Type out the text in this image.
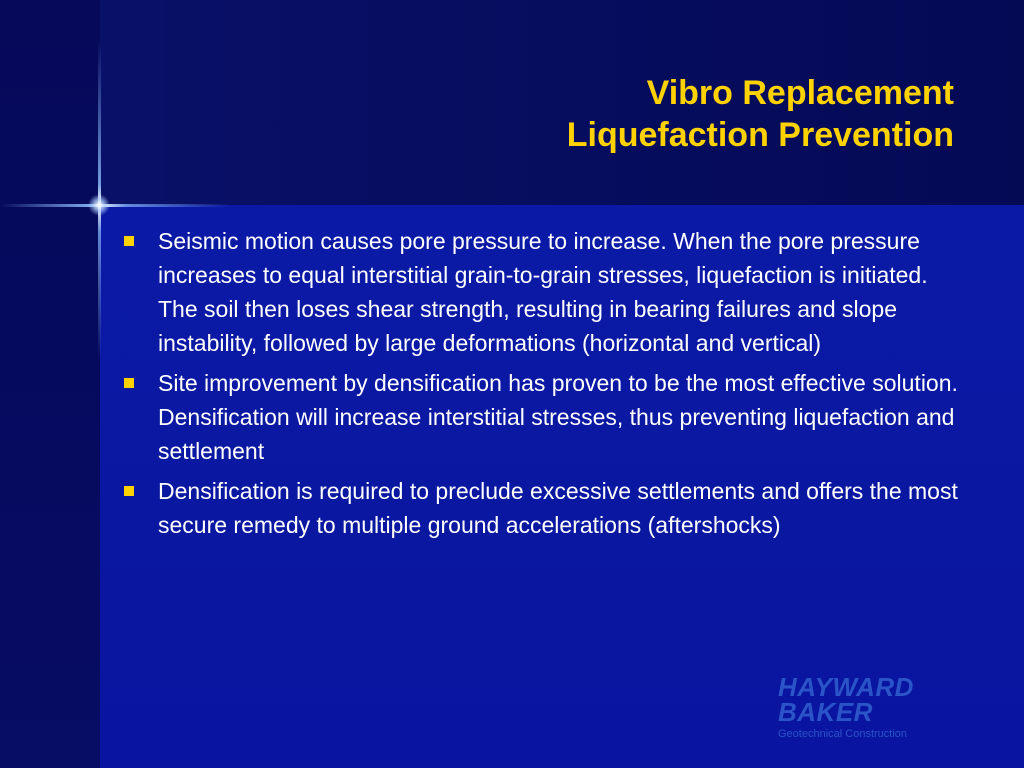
Vibro Replacement
Liquefaction Prevention
Seismic motion causes pore pressure to increase. When the pore pressure increases to equal interstitial grain-to-grain stresses, liquefaction is initiated. The soil then loses shear strength, resulting in bearing failures and slope instability, followed by large deformations (horizontal and vertical)
Site improvement by densification has proven to be the most effective solution. Densification will increase interstitial stresses, thus preventing liquefaction and settlement
Densification is required to preclude excessive settlements and offers the most secure remedy to multiple ground accelerations (aftershocks)
HAYWARD
BAKER
Geotechnical Construction
